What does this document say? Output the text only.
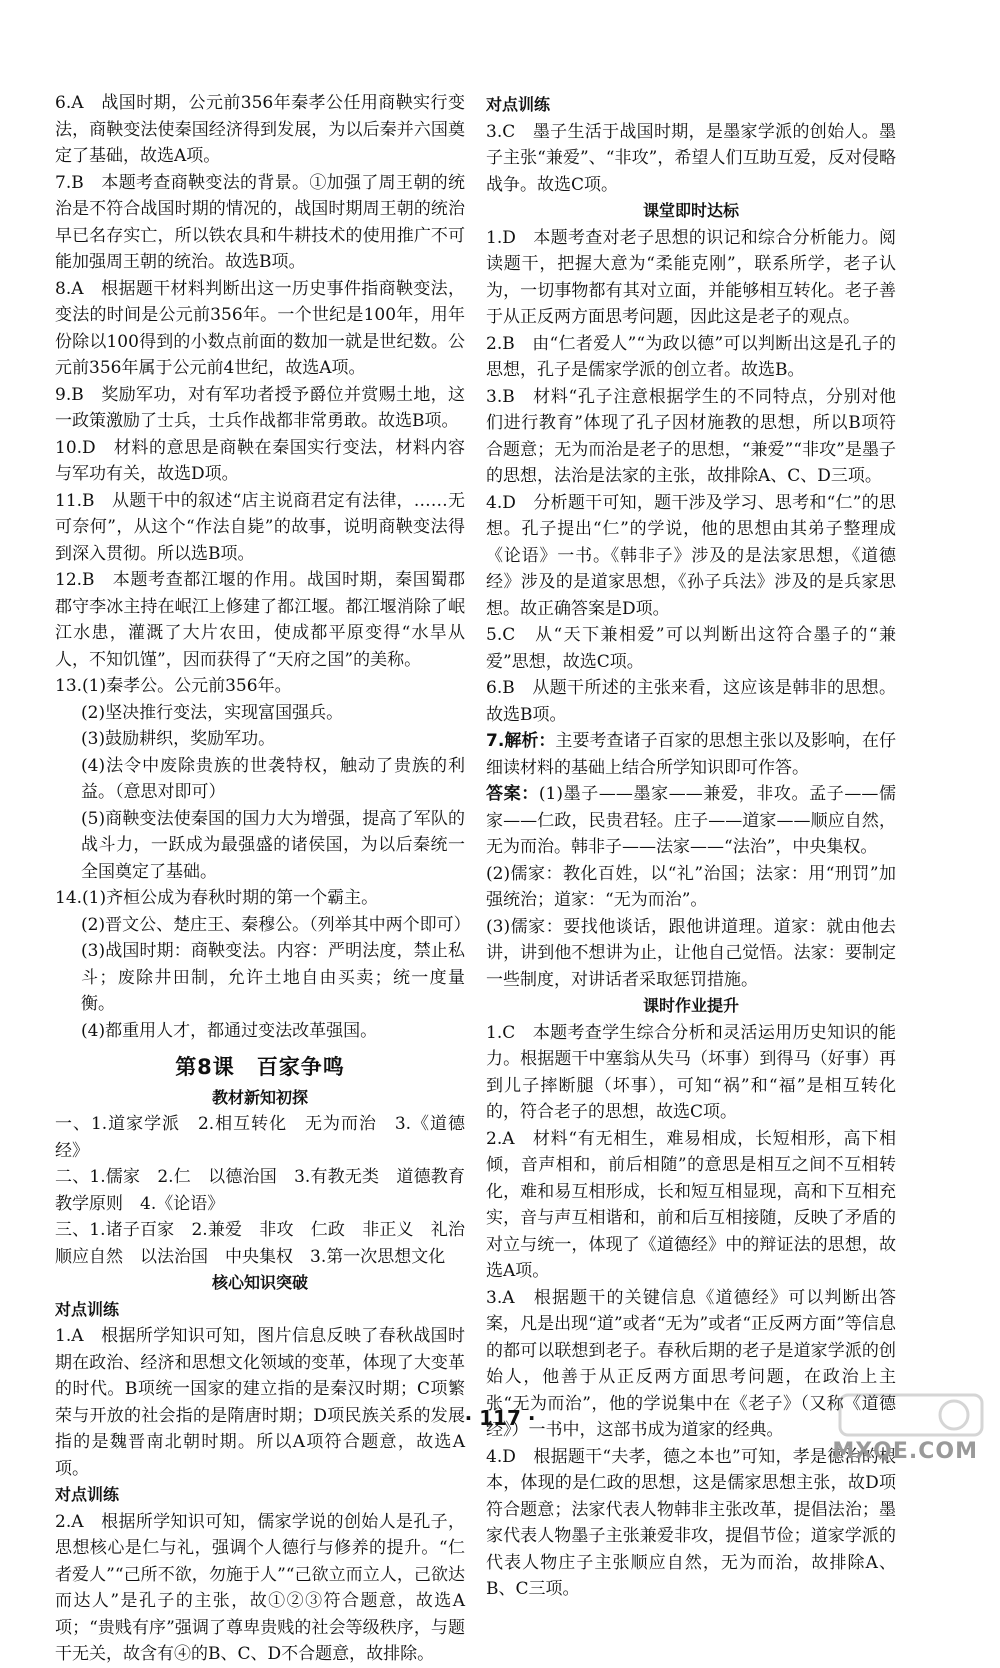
6.A　战国时期，公元前356年秦孝公任用商鞅实行变法，商鞅变法使秦国经济得到发展，为以后秦并六国奠定了基础，故选A项。

7.B　本题考查商鞅变法的背景。①加强了周王朝的统治是不符合战国时期的情况的，战国时期周王朝的统治早已名存实亡，所以铁农具和牛耕技术的使用推广不可能加强周王朝的统治。故选B项。

8.A　根据题干材料判断出这一历史事件指商鞅变法，变法的时间是公元前356年。一个世纪是100年，用年份除以100得到的小数点前面的数加一就是世纪数。公元前356年属于公元前4世纪，故选A项。

9.B　奖励军功，对有军功者授予爵位并赏赐土地，这一政策激励了士兵，士兵作战都非常勇敢。故选B项。

10.D　材料的意思是商鞅在秦国实行变法，材料内容与军功有关，故选D项。

11.B　从题干中的叙述“店主说商君定有法律，……无可奈何”，从这个“作法自毙”的故事，说明商鞅变法得到深入贯彻。所以选B项。

12.B　本题考查都江堰的作用。战国时期，秦国蜀郡郡守李冰主持在岷江上修建了都江堰。都江堰消除了岷江水患，灌溉了大片农田，使成都平原变得“水旱从人，不知饥馑”，因而获得了“天府之国”的美称。

13.(1)秦孝公。公元前356年。

(2)坚决推行变法，实现富国强兵。

(3)鼓励耕织，奖励军功。

(4)法令中废除贵族的世袭特权，触动了贵族的利益。（意思对即可）

(5)商鞅变法使秦国的国力大为增强，提高了军队的战斗力，一跃成为最强盛的诸侯国，为以后秦统一全国奠定了基础。

14.(1)齐桓公成为春秋时期的第一个霸主。

(2)晋文公、楚庄王、秦穆公。（列举其中两个即可）

(3)战国时期：商鞅变法。内容：严明法度，禁止私斗；废除井田制，允许土地自由买卖；统一度量衡。

(4)都重用人才，都通过变法改革强国。

第8课　百家争鸣

教材新知初探

一、1.道家学派　2.相互转化　无为而治　3.《道德经》

二、1.儒家　2.仁　以德治国　3.有教无类　道德教育　教学原则　4.《论语》

三、1.诸子百家　2.兼爱　非攻　仁政　非正义　礼治　顺应自然　以法治国　中央集权　3.第一次思想文化

核心知识突破

对点训练

1.A　根据所学知识可知，图片信息反映了春秋战国时期在政治、经济和思想文化领域的变革，体现了大变革的时代。B项统一国家的建立指的是秦汉时期；C项繁荣与开放的社会指的是隋唐时期；D项民族关系的发展指的是魏晋南北朝时期。所以A项符合题意，故选A项。

对点训练

2.A　根据所学知识可知，儒家学说的创始人是孔子，思想核心是仁与礼，强调个人德行与修养的提升。“仁者爱人”“己所不欲，勿施于人”“己欲立而立人，己欲达而达人”是孔子的主张，故①②③符合题意，故选A项；“贵贱有序”强调了尊卑贵贱的社会等级秩序，与题干无关，故含有④的B、C、D不合题意，故排除。

对点训练

3.C　墨子生活于战国时期，是墨家学派的创始人。墨子主张“兼爱”、“非攻”，希望人们互助互爱，反对侵略战争。故选C项。

课堂即时达标

1.D　本题考查对老子思想的识记和综合分析能力。阅读题干，把握大意为“柔能克刚”，联系所学，老子认为，一切事物都有其对立面，并能够相互转化。老子善于从正反两方面思考问题，因此这是老子的观点。

2.B　由“仁者爱人”“为政以德”可以判断出这是孔子的思想，孔子是儒家学派的创立者。故选B。

3.B　材料“孔子注意根据学生的不同特点，分别对他们进行教育”体现了孔子因材施教的思想，所以B项符合题意；无为而治是老子的思想，“兼爱”“非攻”是墨子的思想，法治是法家的主张，故排除A、C、D三项。

4.D　分析题干可知，题干涉及学习、思考和“仁”的思想。孔子提出“仁”的学说，他的思想由其弟子整理成《论语》一书。《韩非子》涉及的是法家思想，《道德经》涉及的是道家思想，《孙子兵法》涉及的是兵家思想。故正确答案是D项。

5.C　从“天下兼相爱”可以判断出这符合墨子的“兼爱”思想，故选C项。

6.B　从题干所述的主张来看，这应该是韩非的思想。故选B项。

7.解析：主要考查诸子百家的思想主张以及影响，在仔细读材料的基础上结合所学知识即可作答。

答案：(1)墨子——墨家——兼爱，非攻。孟子——儒家——仁政，民贵君轻。庄子——道家——顺应自然，无为而治。韩非子——法家——“法治”，中央集权。

(2)儒家：教化百姓，以“礼”治国；法家：用“刑罚”加强统治；道家：“无为而治”。

(3)儒家：要找他谈话，跟他讲道理。道家：就由他去讲，讲到他不想讲为止，让他自己觉悟。法家：要制定一些制度，对讲话者采取惩罚措施。

课时作业提升

1.C　本题考查学生综合分析和灵活运用历史知识的能力。根据题干中塞翁从失马（坏事）到得马（好事）再到儿子摔断腿（坏事），可知“祸”和“福”是相互转化的，符合老子的思想，故选C项。

2.A　材料“有无相生，难易相成，长短相形，高下相倾，音声相和，前后相随”的意思是相互之间不互相转化，难和易互相形成，长和短互相显现，高和下互相充实，音与声互相谐和，前和后互相接随，反映了矛盾的对立与统一，体现了《道德经》中的辩证法的思想，故选A项。

3.A　根据题干的关键信息《道德经》可以判断出答案，凡是出现“道”或者“无为”或者“正反两方面”等信息的都可以联想到老子。春秋后期的老子是道家学派的创始人，他善于从正反两方面思考问题，在政治上主张“无为而治”，他的学说集中在《老子》（又称《道德经》）一书中，这部书成为道家的经典。

4.D　根据题干“夫孝，德之本也”可知，孝是德治的根本，体现的是仁政的思想，这是儒家思想主张，故D项符合题意；法家代表人物韩非主张改革，提倡法治；墨家代表人物墨子主张兼爱非攻，提倡节俭；道家学派的代表人物庄子主张顺应自然，无为而治，故排除A、B、C三项。

· 117 ·
MXQE.COM
